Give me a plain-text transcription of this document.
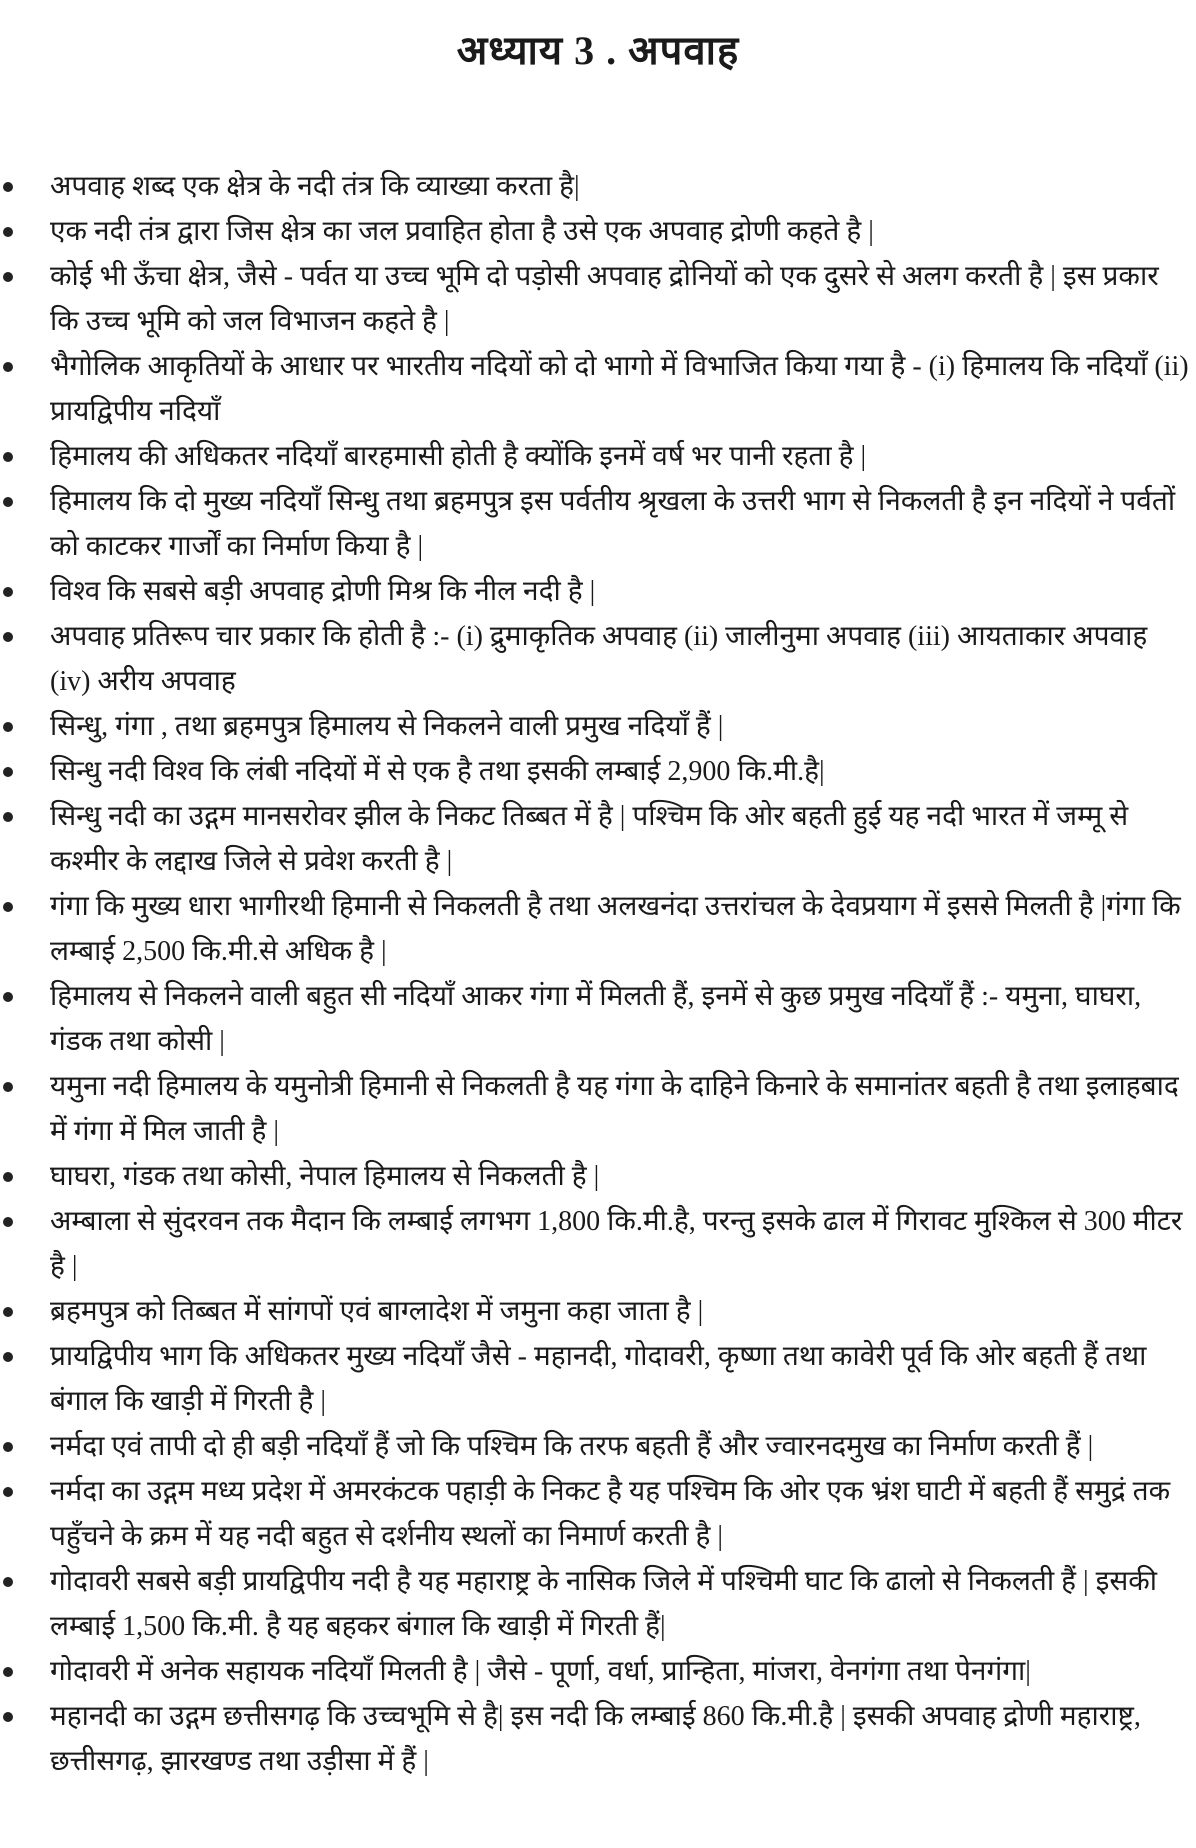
अध्याय 3 . अपवाह
अपवाह शब्द एक क्षेत्र के नदी तंत्र कि व्याख्या करता है|
एक नदी तंत्र द्वारा जिस क्षेत्र का जल प्रवाहित होता है उसे एक अपवाह द्रोणी कहते है |
कोई भी ऊँचा क्षेत्र, जैसे - पर्वत या उच्च भूमि दो पड़ोसी अपवाह द्रोनियों को एक दुसरे से अलग करती है | इस प्रकार कि उच्च भूमि को जल विभाजन कहते है |
भैगोलिक आकृतियों के आधार पर भारतीय नदियों को दो भागो में विभाजित किया गया है - (i) हिमालय कि नदियाँ (ii) प्रायद्विपीय नदियाँ
हिमालय की अधिकतर नदियाँ बारहमासी होती है क्योंकि इनमें वर्ष भर पानी रहता है |
हिमालय कि दो मुख्य नदियाँ सिन्धु तथा ब्रहमपुत्र इस पर्वतीय श्रृखला के उत्तरी भाग से निकलती है इन नदियों ने पर्वतों को काटकर गार्जों का निर्माण किया है |
विश्व कि सबसे बड़ी अपवाह द्रोणी मिश्र कि नील नदी है |
अपवाह प्रतिरूप चार प्रकार कि होती है :- (i) द्रुमाकृतिक अपवाह (ii) जालीनुमा अपवाह (iii) आयताकार अपवाह (iv) अरीय अपवाह
सिन्धु, गंगा , तथा ब्रहमपुत्र हिमालय से निकलने वाली प्रमुख नदियाँ हैं |
सिन्धु नदी विश्व कि लंबी नदियों में से एक है तथा इसकी लम्बाई 2,900 कि.मी.है|
सिन्धु नदी का उद्गम मानसरोवर झील के निकट तिब्बत में है | पश्चिम कि ओर बहती हुई यह नदी भारत में जम्मू से कश्मीर के लद्दाख जिले से प्रवेश करती है |
गंगा कि मुख्य धारा भागीरथी हिमानी से निकलती है तथा अलखनंदा उत्तरांचल के देवप्रयाग में इससे मिलती है |गंगा कि लम्बाई 2,500 कि.मी.से अधिक है |
हिमालय से निकलने वाली बहुत सी नदियाँ आकर गंगा में मिलती हैं, इनमें से कुछ प्रमुख नदियाँ हैं :- यमुना, घाघरा, गंडक तथा कोसी |
यमुना नदी हिमालय के यमुनोत्री हिमानी से निकलती है यह गंगा के दाहिने किनारे के समानांतर बहती है तथा इलाहबाद में गंगा में मिल जाती है |
घाघरा, गंडक तथा कोसी, नेपाल हिमालय से निकलती है |
अम्बाला से सुंदरवन तक मैदान कि लम्बाई लगभग 1,800 कि.मी.है, परन्तु इसके ढाल में गिरावट मुश्किल से 300 मीटर है |
ब्रहमपुत्र को तिब्बत में सांगपों एवं बाग्लादेश में जमुना कहा जाता है |
प्रायद्विपीय भाग कि अधिकतर मुख्य नदियाँ जैसे - महानदी, गोदावरी, कृष्णा तथा कावेरी पूर्व कि ओर बहती हैं तथा बंगाल कि खाड़ी में गिरती है |
नर्मदा एवं तापी दो ही बड़ी नदियाँ हैं जो कि पश्चिम कि तरफ बहती हैं और ज्वारनदमुख का निर्माण करती हैं |
नर्मदा का उद्गम मध्य प्रदेश में अमरकंटक पहाड़ी के निकट है यह पश्चिम कि ओर एक भ्रंश घाटी में बहती हैं समुद्रं तक पहुँचने के क्रम में यह नदी बहुत से दर्शनीय स्थलों का निमार्ण करती है |
गोदावरी सबसे बड़ी प्रायद्विपीय नदी है यह महाराष्ट्र के नासिक जिले में पश्चिमी घाट कि ढालो से निकलती हैं | इसकी लम्बाई 1,500 कि.मी. है यह बहकर बंगाल कि खाड़ी में गिरती हैं|
गोदावरी में अनेक सहायक नदियाँ मिलती है | जैसे - पूर्णा, वर्धा, प्रान्हिता, मांजरा, वेनगंगा तथा पेनगंगा|
महानदी का उद्गम छत्तीसगढ़ कि उच्चभूमि से है| इस नदी कि लम्बाई 860 कि.मी.है | इसकी अपवाह द्रोणी महाराष्ट्र, छत्तीसगढ़, झारखण्ड तथा उड़ीसा में हैं |
